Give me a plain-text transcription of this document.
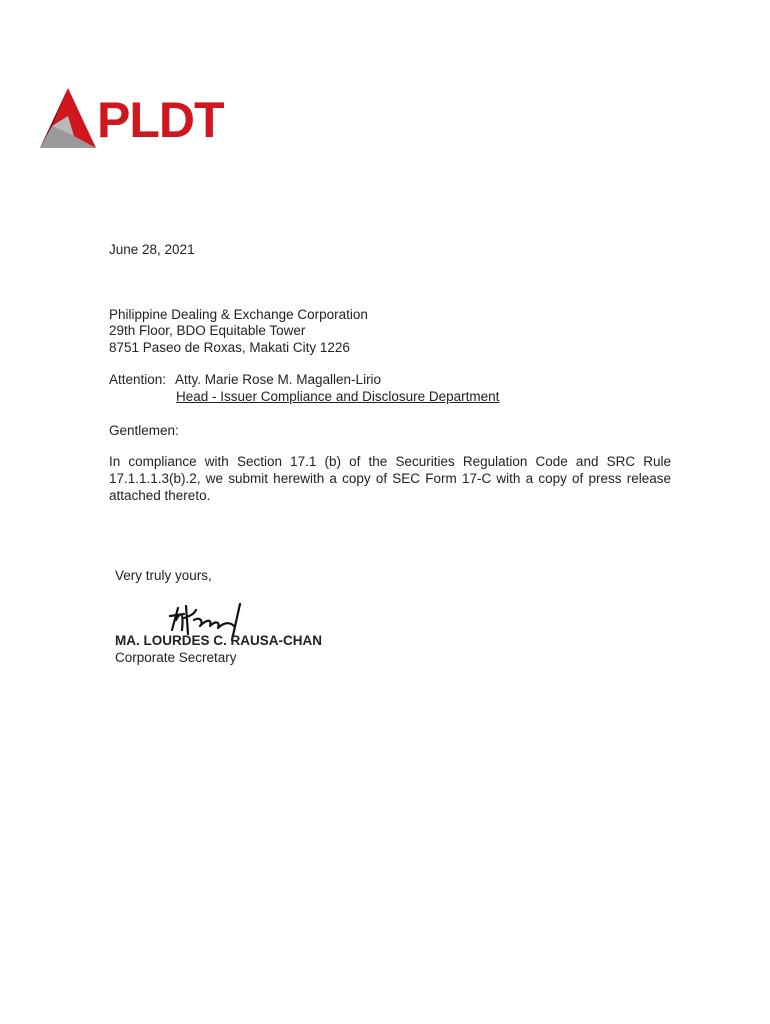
PLDT
June 28, 2021
Philippine Dealing & Exchange Corporation
29th Floor, BDO Equitable Tower
8751 Paseo de Roxas, Makati City 1226
Attention: Atty. Marie Rose M. Magallen-Lirio
Head - Issuer Compliance and Disclosure Department
Gentlemen:
In compliance with Section 17.1 (b) of the Securities Regulation Code and SRC Rule 17.1.1.1.3(b).2, we submit herewith a copy of SEC Form 17-C with a copy of press release attached thereto.
Very truly yours,
MA. LOURDES C. RAUSA-CHAN
Corporate Secretary
